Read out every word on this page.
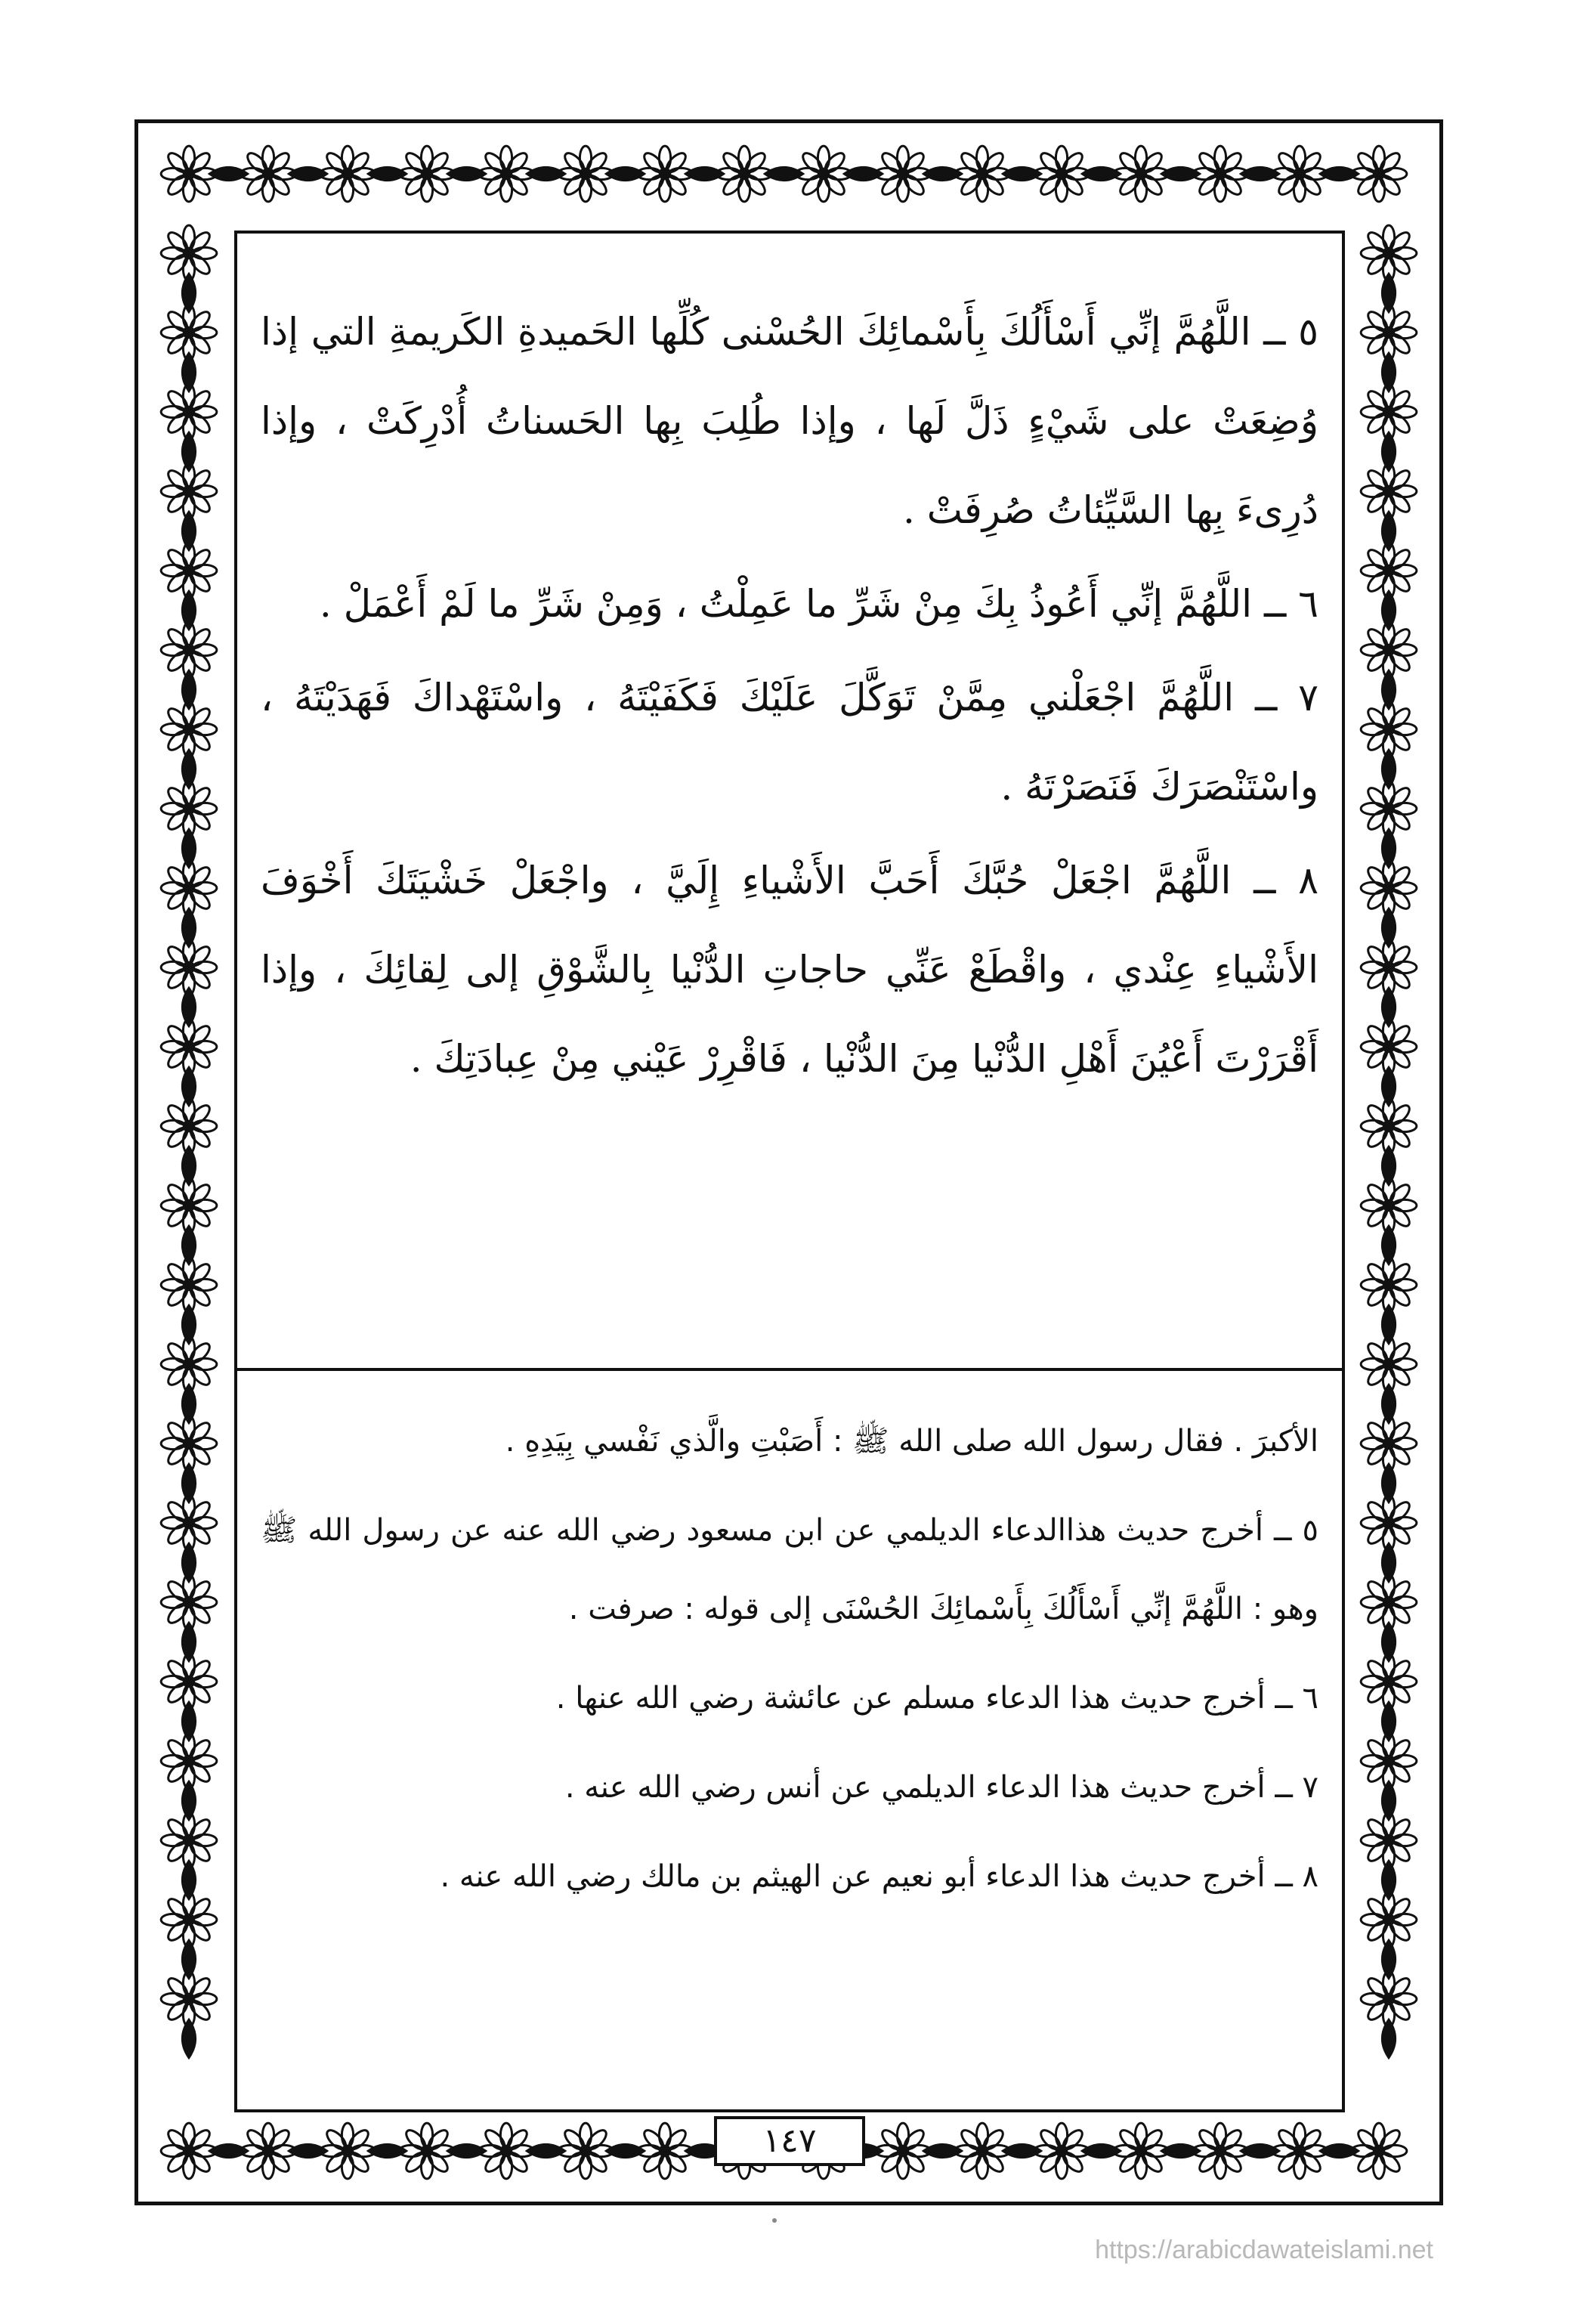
٥ ــ اللَّهُمَّ إنِّي أَسْأَلُكَ بِأَسْمائِكَ الحُسْنى كُلِّها الحَميدةِ الكَريمةِ التي إذا وُضِعَتْ على شَيْءٍ ذَلَّ لَها ، وإذا طُلِبَ بِها الحَسناتُ أُدْرِكَتْ ، وإذا دُرِىءَ بِها السَّيِّئاتُ صُرِفَتْ .

٦ ــ اللَّهُمَّ إنِّي أَعُوذُ بِكَ مِنْ شَرِّ ما عَمِلْتُ ، وَمِنْ شَرِّ ما لَمْ أَعْمَلْ .

٧ ــ اللَّهُمَّ اجْعَلْني مِمَّنْ تَوَكَّلَ عَلَيْكَ فَكَفَيْتَهُ ، واسْتَهْداكَ فَهَدَيْتَهُ ، واسْتَنْصَرَكَ فَنَصَرْتَهُ .

٨ ــ اللَّهُمَّ اجْعَلْ حُبَّكَ أَحَبَّ الأَشْياءِ إِلَيَّ ، واجْعَلْ خَشْيَتَكَ أَخْوَفَ الأَشْياءِ عِنْدي ، واقْطَعْ عَنِّي حاجاتِ الدُّنْيا بِالشَّوْقِ إلى لِقائِكَ ، وإذا أَقْرَرْتَ أَعْيُنَ أَهْلِ الدُّنْيا مِنَ الدُّنْيا ، فَاقْرِرْ عَيْني مِنْ عِبادَتِكَ .

الأكبرَ . فقال رسول الله صلى الله ﷺ : أَصَبْتِ والَّذي نَفْسي بِيَدِهِ .

٥ ــ أخرج حديث هذاالدعاء الديلمي عن ابن مسعود رضي الله عنه عن رسول الله ﷺ وهو : اللَّهُمَّ إنِّي أَسْأَلُكَ بِأَسْمائِكَ الحُسْنَى إلى قوله : صرفت .

٦ ــ أخرج حديث هذا الدعاء مسلم عن عائشة رضي الله عنها .

٧ ــ أخرج حديث هذا الدعاء الديلمي عن أنس رضي الله عنه .

٨ ــ أخرج حديث هذا الدعاء أبو نعيم عن الهيثم بن مالك رضي الله عنه .

١٤٧
https://arabicdawateislami.net
